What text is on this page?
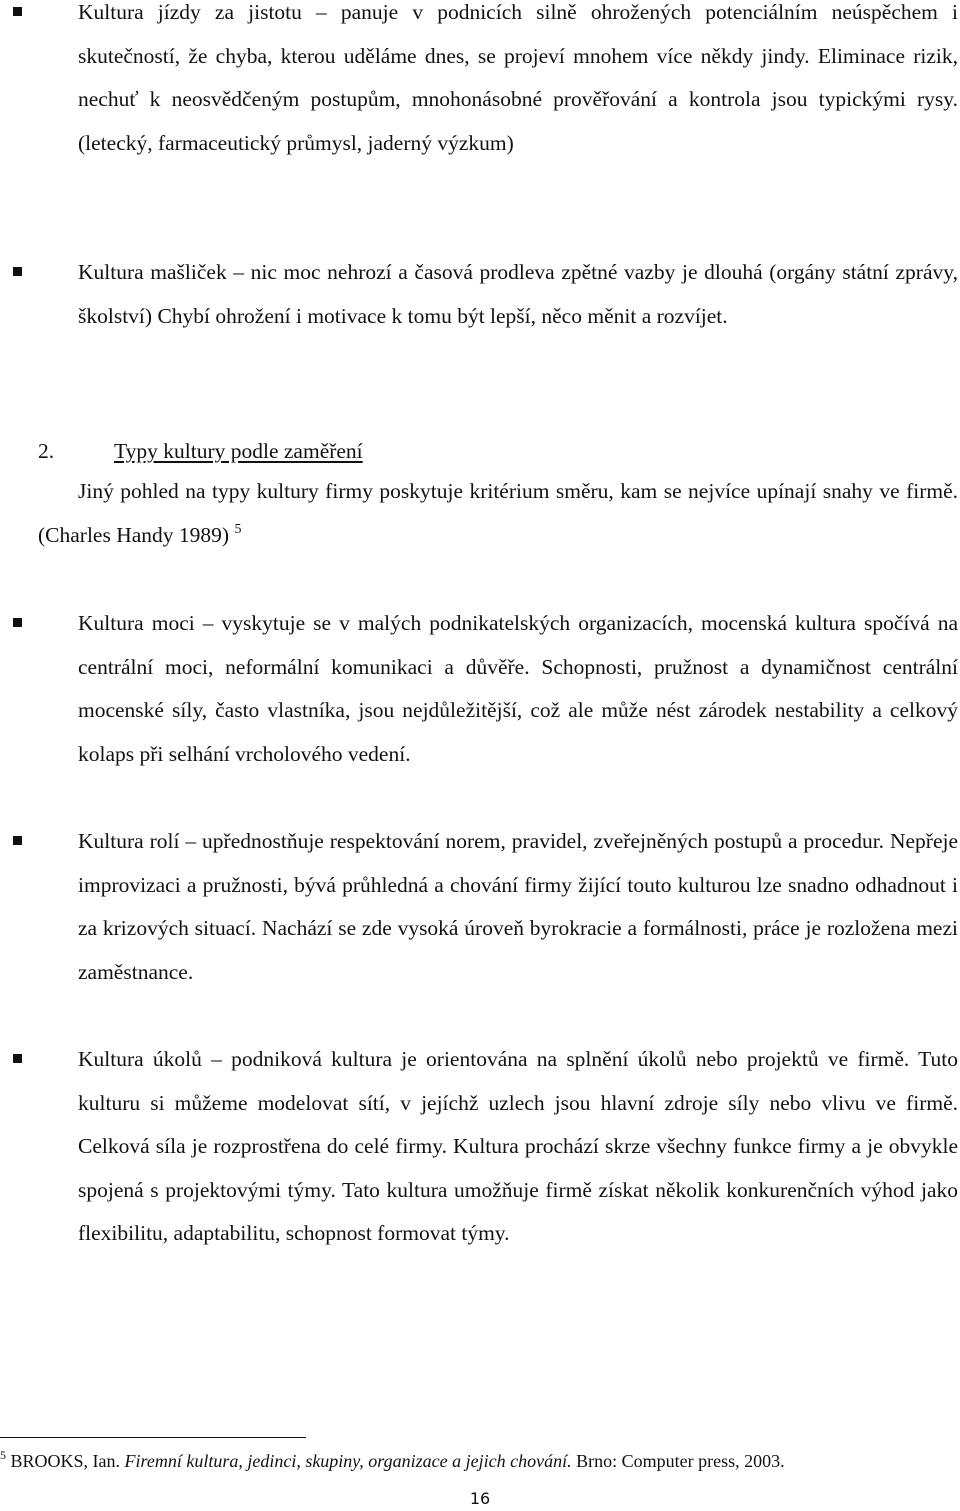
Kultura jízdy za jistotu – panuje v podnicích silně ohrožených potenciálním neúspěchem i skutečností, že chyba, kterou uděláme dnes, se projeví mnohem více někdy jindy. Eliminace rizik, nechuť k neosvědčeným postupům, mnohonásobné prověřování a kontrola jsou typickými rysy. (letecký, farmaceutický průmysl, jaderný výzkum)
Kultura mašliček – nic moc nehrozí a časová prodleva zpětné vazby je dlouhá (orgány státní zprávy, školství) Chybí ohrožení i motivace k tomu být lepší, něco měnit a rozvíjet.
2.	Typy kultury podle zaměření
Jiný pohled na typy kultury firmy poskytuje kritérium směru, kam se nejvíce upínají snahy ve firmě. (Charles Handy 1989) $^5$
Kultura moci – vyskytuje se v malých podnikatelských organizacích, mocenská kultura spočívá na centrální moci, neformální komunikaci a důvěře. Schopnosti, pružnost a dynamičnost centrální mocenské síly, často vlastníka, jsou nejdůležitější, což ale může nést zárodek nestability a celkový kolaps při selhání vrcholového vedení.
Kultura rolí – upřednostňuje respektování norem, pravidel, zveřejněných postupů a procedur. Nepřeje improvizaci a pružnosti, bývá průhledná a chování firmy žijící touto kulturou lze snadno odhadnout i za krizových situací. Nachází se zde vysoká úroveň byrokracie a formálnosti, práce je rozložena mezi zaměstnance.
Kultura úkolů – podniková kultura je orientována na splnění úkolů nebo projektů ve firmě. Tuto kulturu si můžeme modelovat sítí, v jejíchž uzlech jsou hlavní zdroje síly nebo vlivu ve firmě. Celková síla je rozprostřena do celé firmy. Kultura prochází skrze všechny funkce firmy a je obvykle spojená s projektovými týmy. Tato kultura umožňuje firmě získat několik konkurenčních výhod jako flexibilitu, adaptabilitu, schopnost formovat týmy.
$^5$ BROOKS, Ian. Firemní kultura, jedinci, skupiny, organizace a jejich chování. Brno: Computer press, 2003.
16
